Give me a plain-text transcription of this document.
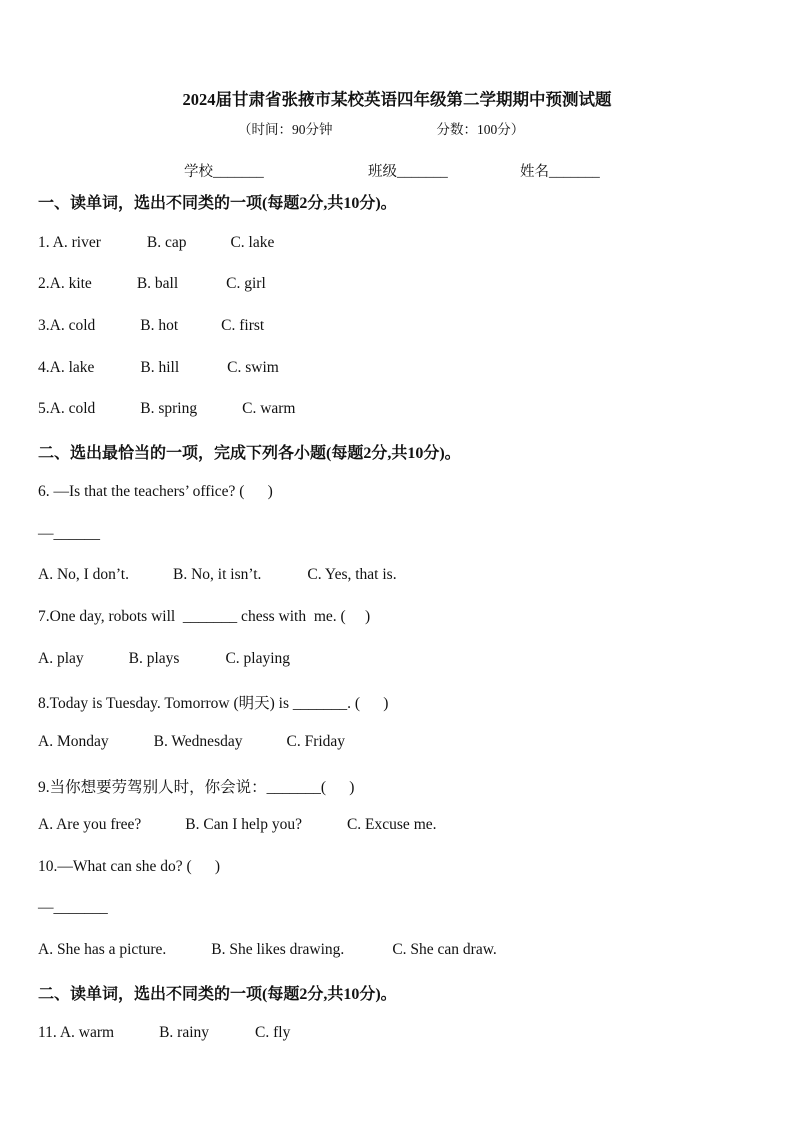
2024届甘肃省张掖市某校英语四年级第二学期期中预测试题
（时间：90分钟	分数：100分）
学校_______	班级_______	姓名_______
一、读单词，选出不同类的一项(每题2分,共10分)。
1. A. river	B. cap	C. lake
2.A. kite	B. ball	C. girl
3.A. cold	B. hot	C. first
4.A. lake	B. hill	C. swim
5.A. cold	B. spring	C. warm
二、选出最恰当的一项，完成下列各小题(每题2分,共10分)。
6. —Is that the teachers’ office? (      )
—______
A. No, I don’t.	B. No, it isn’t.	C. Yes, that is.
7.One day, robots will  _______ chess with  me. (     )
A. play	B. plays	C. playing
8.Today is Tuesday. Tomorrow (明天) is _______. (      )
A. Monday	B. Wednesday	C. Friday
9.当你想要劳驾别人时，你会说：_______(      )
A. Are you free?	B. Can I help you?	C. Excuse me.
10.—What can she do? (      )
—_______
A. She has a picture.	B. She likes drawing.	C. She can draw.
二、读单词，选出不同类的一项(每题2分,共10分)。
11. A. warm	B. rainy	C. fly
